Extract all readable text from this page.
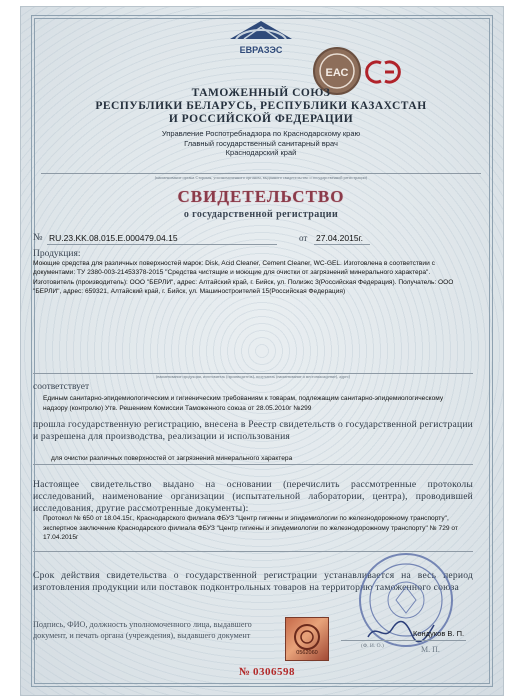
ЕВРАЗЭС
ЕАС
ТАМОЖЕННЫЙ СОЮЗ
РЕСПУБЛИКИ БЕЛАРУСЬ, РЕСПУБЛИКИ КАЗАХСТАН
И РОССИЙСКОЙ ФЕДЕРАЦИИ
Управление Роспотребнадзора по Краснодарскому краю
Главный государственный санитарный врач
Краснодарский край
(наименование органа Стороны, уполномоченного органом, выданного свидетельство о государственной регистрации)
СВИДЕТЕЛЬСТВО
о государственной регистрации
№ RU.23.KK.08.015.E.000479.04.15	от 27.04.2015г.
Продукция:
Моющие средства для различных поверхностей марок: Disk, Acid Cleaner, Cement Cleaner, WC-GEL. Изготовлена в соответствии с документами: ТУ 2380-003-21453378-2015 "Средства чистящие и моющие для очистки от загрязнений минерального характера". Изготовитель (производитель): ООО "БЕРЛИ", адрес: Алтайский край, г. Бийск, ул. Полиэкс 3(Российская Федерация). Получатель: ООО "БЕРЛИ", адрес: 659321, Алтайский край, г. Бийск, ул. Машиностроителей 15(Российская Федерация)
(наименование продукции, изготовитель (производитель), получатель (наименование и местонахождение), адрес)
соответствует
Единым санитарно-эпидемиологическим и гигиеническим требованиям к товарам, подлежащим санитарно-эпидемиологическому надзору (контролю) Утв. Решением Комиссии Таможенного союза от 28.05.2010г №299
прошла государственную регистрацию, внесена в Реестр свидетельств о государственной регистрации и разрешена для производства, реализации и использования
для очистки различных поверхностей от загрязнений минерального характера
Настоящее свидетельство выдано на основании (перечислить рассмотренные протоколы исследований, наименование организации (испытательной лаборатории, центра), проводившей исследования, другие рассмотренные документы):
Протокол № 650 от 18.04.15г., Краснодарского филиала ФБУЗ "Центр гигиены и эпидемиологии по железнодорожному транспорту", экспертное заключение Краснодарского филиала ФБУЗ "Центр гигиены и эпидемиологии по железнодорожному транспорту" № 729 от 17.04.2015г
Срок действия свидетельства о государственной регистрации устанавливается на весь период изготовления продукции или поставок подконтрольных товаров на территорию таможенного союза
Подпись, ФИО, должность уполномоченного лица, выдавшего документ, и печать органа (учреждения), выдавшего документ
0562060
Кондуков В. П.
(Ф. И. О.)	М. П.
№ 0306598
